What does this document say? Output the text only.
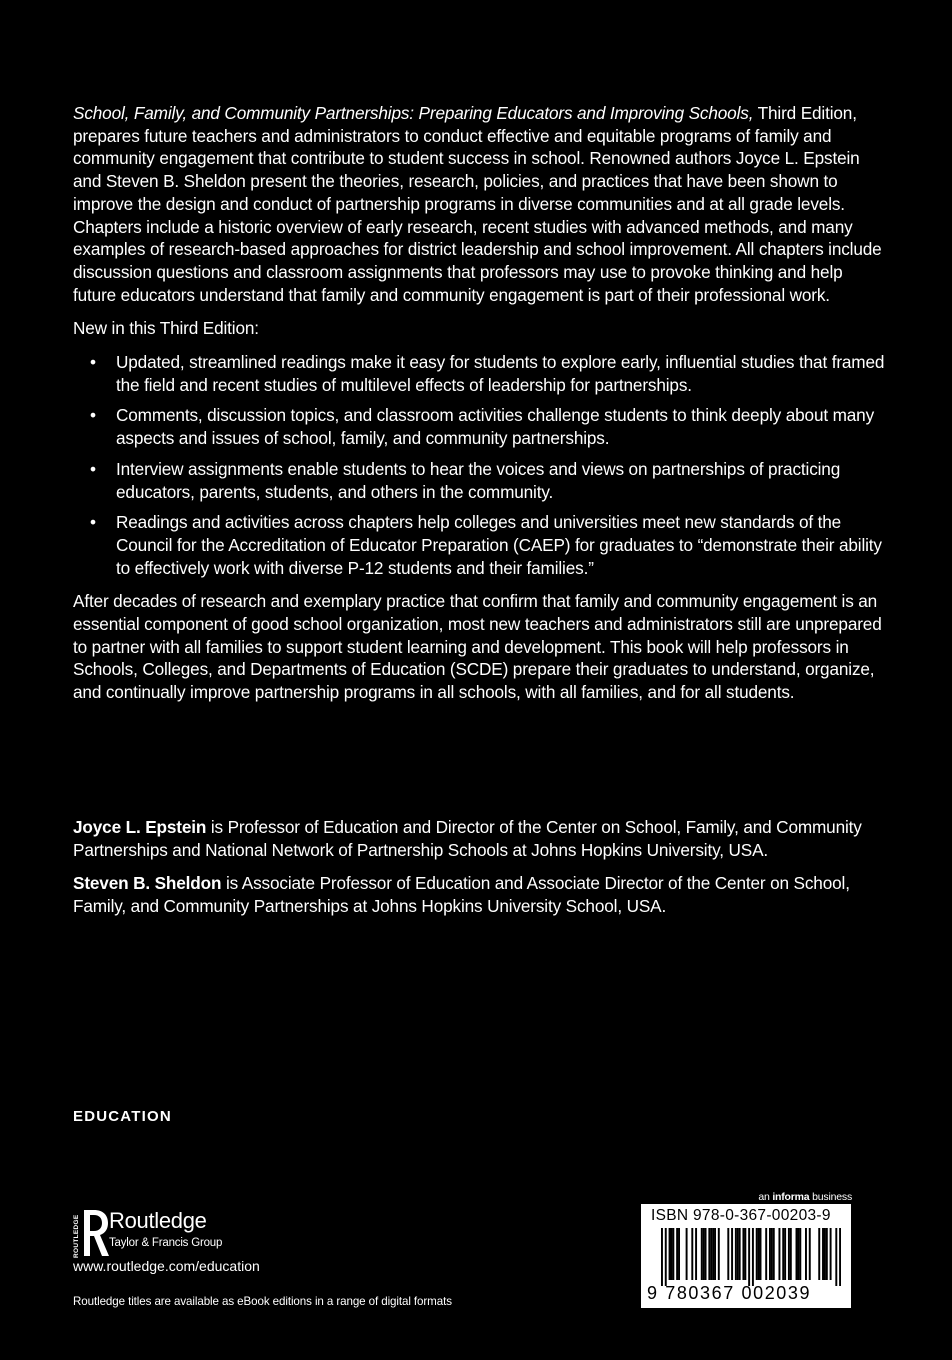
School, Family, and Community Partnerships: Preparing Educators and Improving Schools, Third Edition, prepares future teachers and administrators to conduct effective and equitable programs of family and community engagement that contribute to student success in school. Renowned authors Joyce L. Epstein and Steven B. Sheldon present the theories, research, policies, and practices that have been shown to improve the design and conduct of partnership programs in diverse communities and at all grade levels. Chapters include a historic overview of early research, recent studies with advanced methods, and many examples of research-based approaches for district leadership and school improvement. All chapters include discussion questions and classroom assignments that professors may use to provoke thinking and help future educators understand that family and community engagement is part of their professional work.

New in this Third Edition:

• Updated, streamlined readings make it easy for students to explore early, influential studies that framed the field and recent studies of multilevel effects of leadership for partnerships.
• Comments, discussion topics, and classroom activities challenge students to think deeply about many aspects and issues of school, family, and community partnerships.
• Interview assignments enable students to hear the voices and views on partnerships of practicing educators, parents, students, and others in the community.
• Readings and activities across chapters help colleges and universities meet new standards of the Council for the Accreditation of Educator Preparation (CAEP) for graduates to “demonstrate their ability to effectively work with diverse P-12 students and their families.”

After decades of research and exemplary practice that confirm that family and community engagement is an essential component of good school organization, most new teachers and administrators still are unprepared to partner with all families to support student learning and development. This book will help professors in Schools, Colleges, and Departments of Education (SCDE) prepare their graduates to understand, organize, and continually improve partnership programs in all schools, with all families, and for all students.

Joyce L. Epstein is Professor of Education and Director of the Center on School, Family, and Community Partnerships and National Network of Partnership Schools at Johns Hopkins University, USA.

Steven B. Sheldon is Associate Professor of Education and Associate Director of the Center on School, Family, and Community Partnerships at Johns Hopkins University School, USA.

EDUCATION
ROUTLEDGE Routledge
Taylor & Francis Group
www.routledge.com/education
Routledge titles are available as eBook editions in a range of digital formats
an informa business
ISBN 978-0-367-00203-9
9 780367 002039
